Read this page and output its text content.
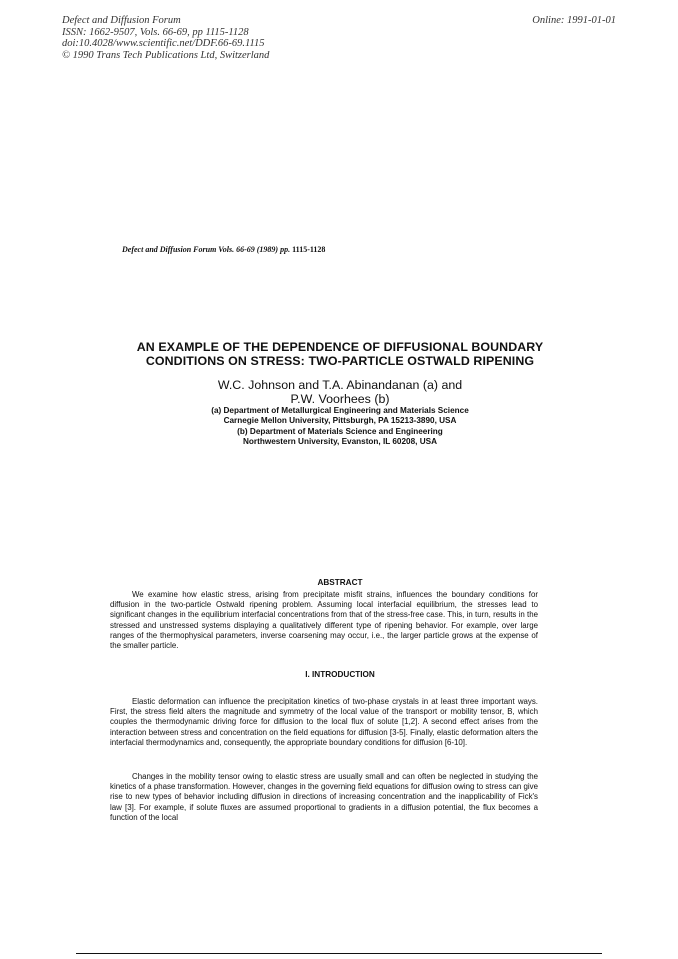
Defect and Diffusion Forum
ISSN: 1662-9507, Vols. 66-69, pp 1115-1128
doi:10.4028/www.scientific.net/DDF.66-69.1115
© 1990 Trans Tech Publications Ltd, Switzerland
Online: 1991-01-01
Defect and Diffusion Forum Vols. 66-69 (1989) pp. 1115-1128
AN EXAMPLE OF THE DEPENDENCE OF DIFFUSIONAL BOUNDARY
CONDITIONS ON STRESS: TWO-PARTICLE OSTWALD RIPENING
W.C. Johnson and T.A. Abinandanan (a) and
P.W. Voorhees (b)
(a) Department of Metallurgical Engineering and Materials Science
Carnegie Mellon University, Pittsburgh, PA 15213-3890, USA
(b) Department of Materials Science and Engineering
Northwestern University, Evanston, IL 60208, USA
ABSTRACT
We examine how elastic stress, arising from precipitate misfit strains, influences the boundary conditions for diffusion in the two-particle Ostwald ripening problem. Assuming local interfacial equilibrium, the stresses lead to significant changes in the equilibrium interfacial concentrations from that of the stress-free case. This, in turn, results in the stressed and unstressed systems displaying a qualitatively different type of ripening behavior. For example, over large ranges of the thermophysical parameters, inverse coarsening may occur, i.e., the larger particle grows at the expense of the smaller particle.
I. INTRODUCTION
Elastic deformation can influence the precipitation kinetics of two-phase crystals in at least three important ways. First, the stress field alters the magnitude and symmetry of the local value of the transport or mobility tensor, B, which couples the thermodynamic driving force for diffusion to the local flux of solute [1,2]. A second effect arises from the interaction between stress and concentration on the field equations for diffusion [3-5]. Finally, elastic deformation alters the interfacial thermodynamics and, consequently, the appropriate boundary conditions for diffusion [6-10].
Changes in the mobility tensor owing to elastic stress are usually small and can often be neglected in studying the kinetics of a phase transformation. However, changes in the governing field equations for diffusion owing to stress can give rise to new types of behavior including diffusion in directions of increasing concentration and the inapplicability of Fick's law [3]. For example, if solute fluxes are assumed proportional to gradients in a diffusion potential, the flux becomes a function of the local
